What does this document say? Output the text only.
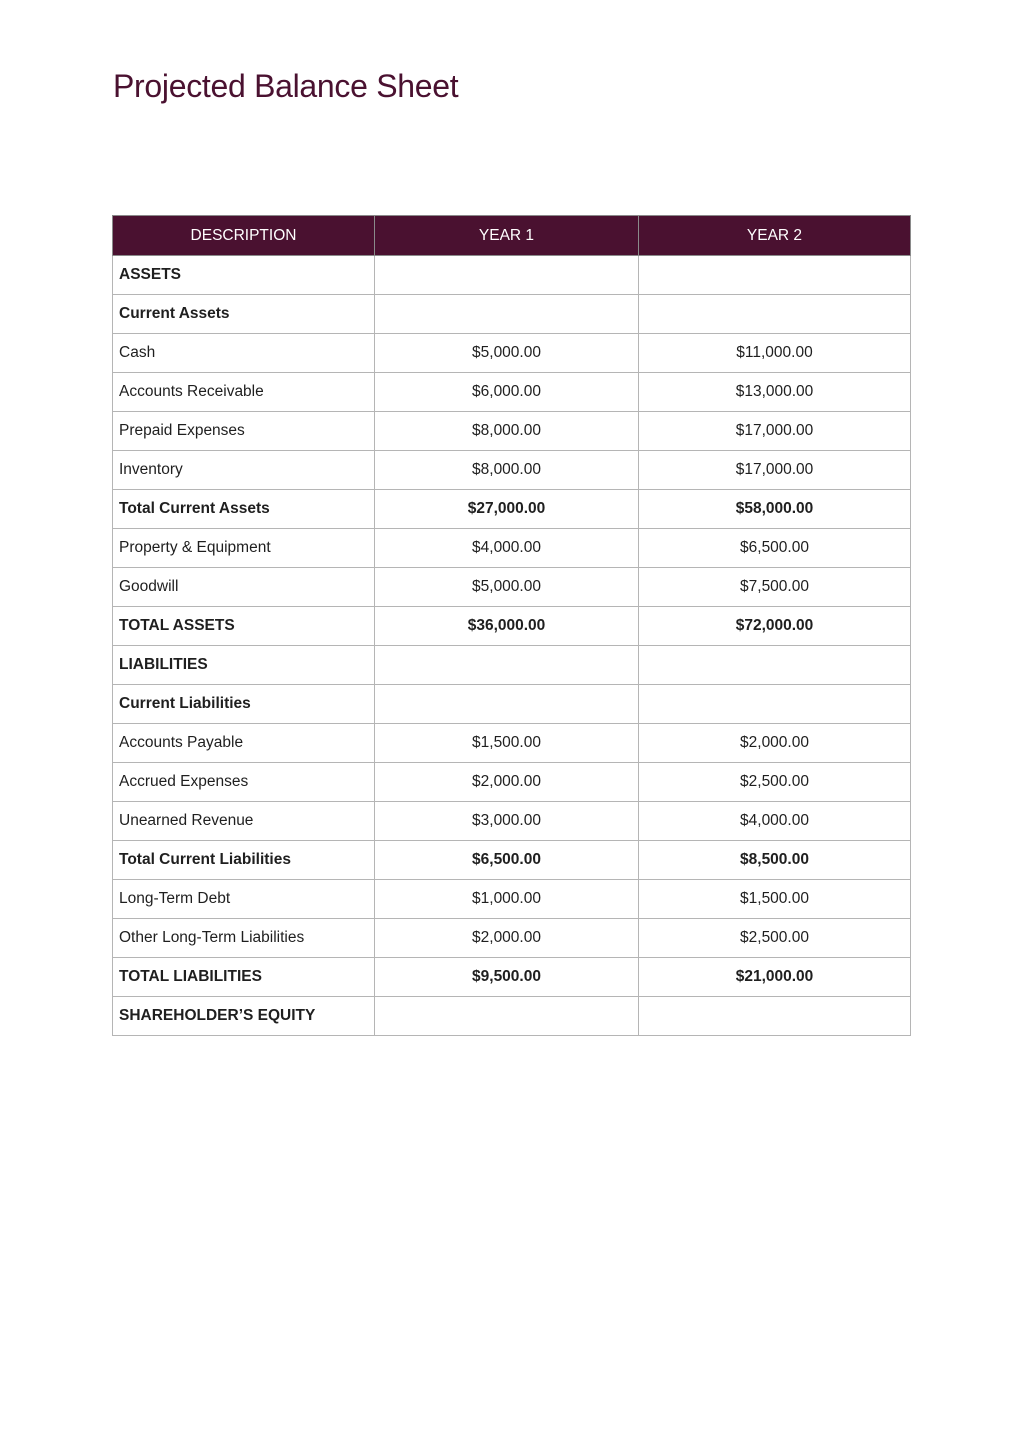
Projected Balance Sheet
DESCRIPTION	YEAR 1	YEAR 2
ASSETS		
Current Assets		
Cash	$5,000.00	$11,000.00
Accounts Receivable	$6,000.00	$13,000.00
Prepaid Expenses	$8,000.00	$17,000.00
Inventory	$8,000.00	$17,000.00
Total Current Assets	$27,000.00	$58,000.00
Property & Equipment	$4,000.00	$6,500.00
Goodwill	$5,000.00	$7,500.00
TOTAL ASSETS	$36,000.00	$72,000.00
LIABILITIES		
Current Liabilities		
Accounts Payable	$1,500.00	$2,000.00
Accrued Expenses	$2,000.00	$2,500.00
Unearned Revenue	$3,000.00	$4,000.00
Total Current Liabilities	$6,500.00	$8,500.00
Long-Term Debt	$1,000.00	$1,500.00
Other Long-Term Liabilities	$2,000.00	$2,500.00
TOTAL LIABILITIES	$9,500.00	$21,000.00
SHAREHOLDER’S EQUITY		
